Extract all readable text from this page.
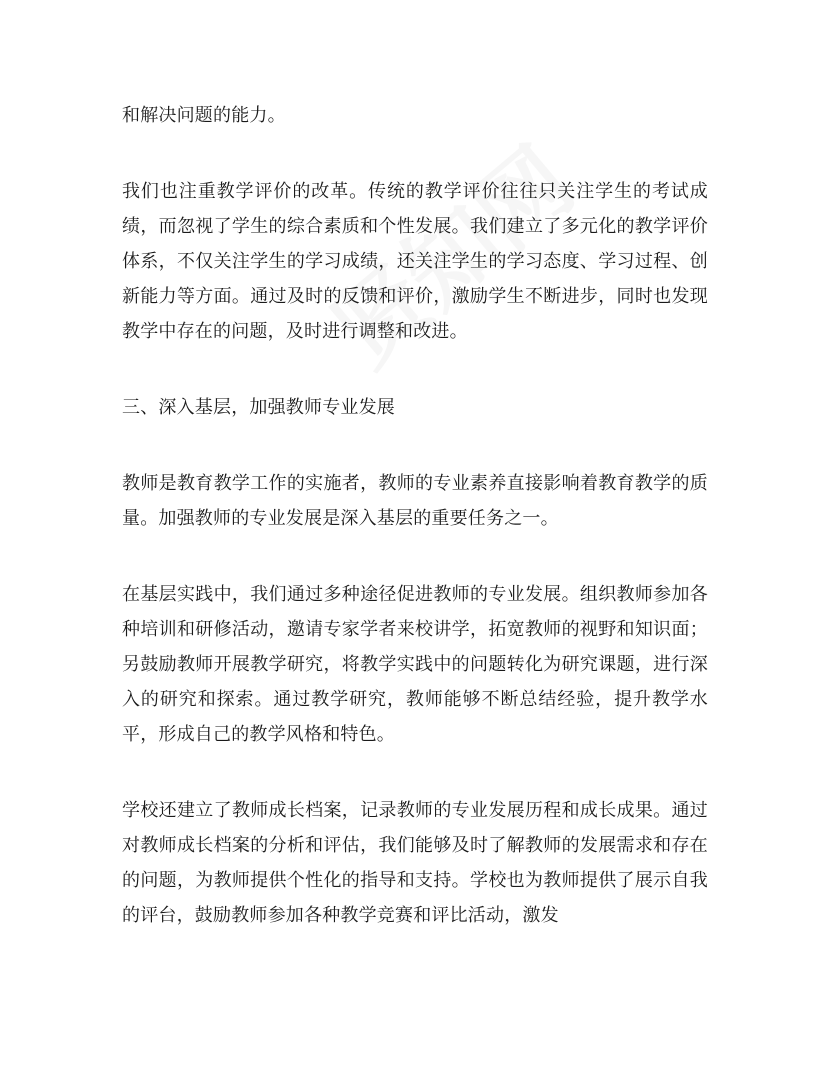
和解决问题的能力。

我们也注重教学评价的改革。传统的教学评价往往只关注学生的考试成绩，而忽视了学生的综合素质和个性发展。我们建立了多元化的教学评价体系，不仅关注学生的学习成绩，还关注学生的学习态度、学习过程、创新能力等方面。通过及时的反馈和评价，激励学生不断进步，同时也发现教学中存在的问题，及时进行调整和改进。

三、深入基层，加强教师专业发展

教师是教育教学工作的实施者，教师的专业素养直接影响着教育教学的质量。加强教师的专业发展是深入基层的重要任务之一。

在基层实践中，我们通过多种途径促进教师的专业发展。组织教师参加各种培训和研修活动，邀请专家学者来校讲学，拓宽教师的视野和知识面；另鼓励教师开展教学研究，将教学实践中的问题转化为研究课题，进行深入的研究和探索。通过教学研究，教师能够不断总结经验，提升教学水平，形成自己的教学风格和特色。

学校还建立了教师成长档案，记录教师的专业发展历程和成长成果。通过对教师成长档案的分析和评估，我们能够及时了解教师的发展需求和存在的问题，为教师提供个性化的指导和支持。学校也为教师提供了展示自我的评台，鼓励教师参加各种教学竞赛和评比活动，激发
